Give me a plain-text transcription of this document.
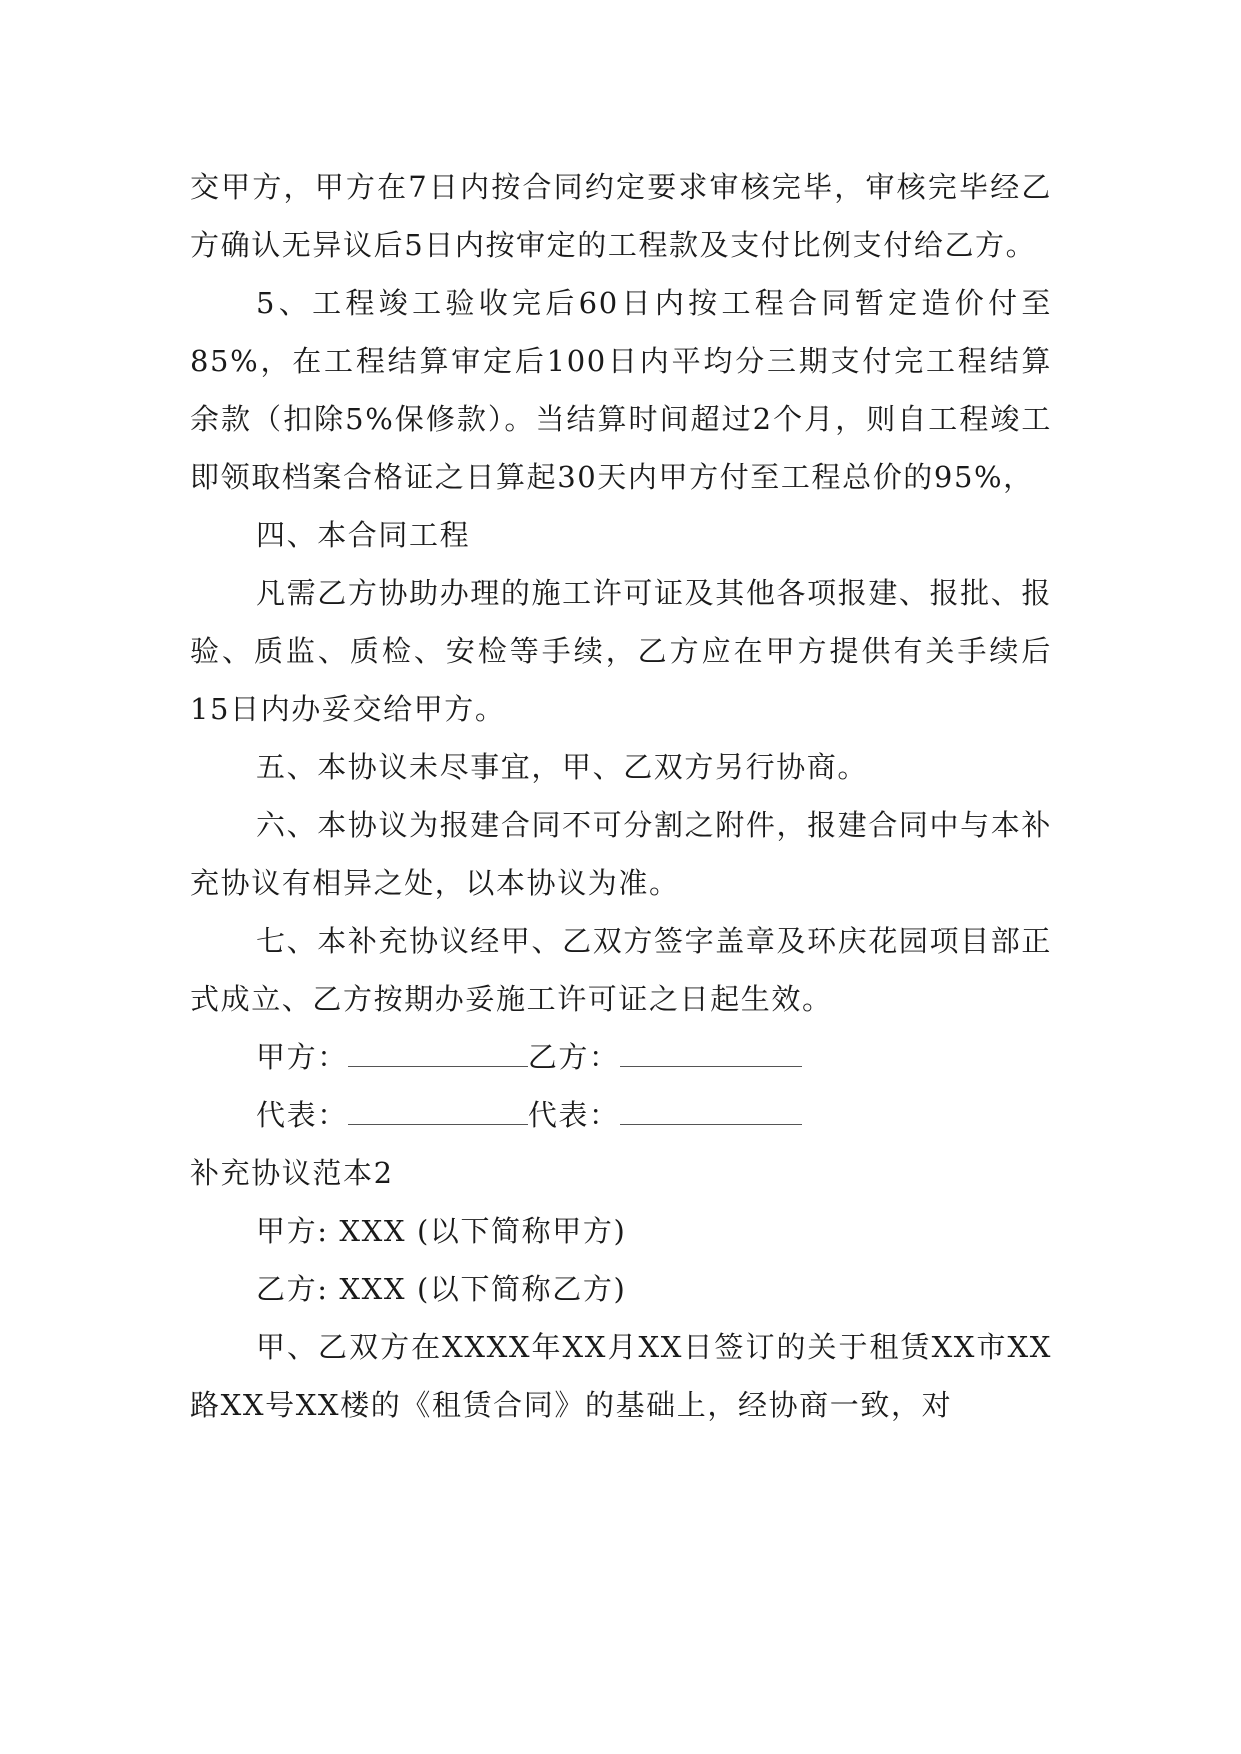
交甲方，甲方在7日内按合同约定要求审核完毕，审核完毕经乙方确认无异议后5日内按审定的工程款及支付比例支付给乙方。

5、工程竣工验收完后60日内按工程合同暂定造价付至85%，在工程结算审定后100日内平均分三期支付完工程结算余款（扣除5%保修款）。当结算时间超过2个月，则自工程竣工即领取档案合格证之日算起30天内甲方付至工程总价的95%，

四、本合同工程

凡需乙方协助办理的施工许可证及其他各项报建、报批、报验、质监、质检、安检等手续，乙方应在甲方提供有关手续后15日内办妥交给甲方。

五、本协议未尽事宜，甲、乙双方另行协商。

六、本协议为报建合同不可分割之附件，报建合同中与本补充协议有相异之处，以本协议为准。

七、本补充协议经甲、乙双方签字盖章及环庆花园项目部正式成立、乙方按期办妥施工许可证之日起生效。

甲方：	乙方：

代表：	代表：

补充协议范本2

甲方: XXX (以下简称甲方)

乙方: XXX (以下简称乙方)

甲、乙双方在XXXX年XX月XX日签订的关于租赁XX市XX路XX号XX楼的《租赁合同》的基础上，经协商一致，对
